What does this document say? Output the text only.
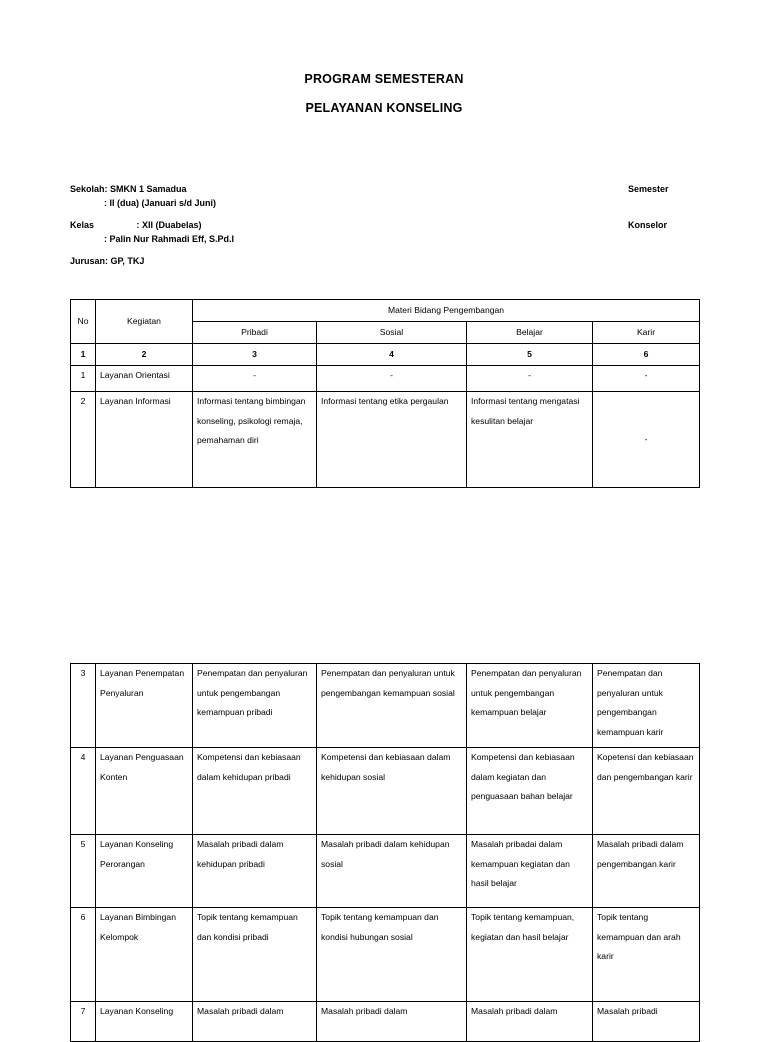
PROGRAM SEMESTERAN
PELAYANAN KONSELING
Sekolah: SMKN 1 Samadua	Semester
: II (dua) (Januari s/d Juni)
Kelas                 : XII (Duabelas)	Konselor
: Palin Nur Rahmadi Eff, S.Pd.I
Jurusan: GP, TKJ
No	Kegiatan	Materi Bidang Pengembangan			
		Pribadi	Sosial	Belajar	Karir
1	2	3	4	5	6
1	Layanan Orientasi	-	-	-	-
2	Layanan Informasi	Informasi tentang bimbingan konseling, psikologi remaja, pemahaman diri	Informasi tentang etika pergaulan	Informasi tentang mengatasi kesulitan belajar	-
3	Layanan Penempatan Penyaluran	Penempatan dan penyaluran untuk pengembangan kemampuan pribadi	Penempatan dan penyaluran untuk pengembangan kemampuan sosial	Penempatan dan penyaluran untuk pengembangan kemampuan belajar	Penempatan dan penyaluran untuk pengembangan kemampuan karir
4	Layanan Penguasaan Konten	Kompetensi dan kebiasaan dalam kehidupan pribadi	Kompetensi dan kebiasaan dalam kehidupan sosial	Kompetensi dan kebiasaan dalam kegiatan dan penguasaan bahan belajar	Kopetensi dan kebiasaan dan pengembangan karir
5	Layanan Konseling Perorangan	Masalah pribadi dalam kehidupan pribadi	Masalah pribadi dalam kehidupan sosial	Masalah pribadai dalam kemampuan kegiatan dan hasil belajar	Masalah pribadi dalam pengembangan karir
6	Layanan Bimbingan Kelompok	Topik tentang kemampuan dan kondisi pribadi	Topik tentang kemampuan dan kondisi hubungan sosial	Topik tentang kemampuan, kegiatan dan hasil belajar	Topik tentang kemampuan dan arah karir
7	Layanan Konseling	Masalah pribadi dalam	Masalah pribadi dalam	Masalah pribadi dalam	Masalah pribadi
